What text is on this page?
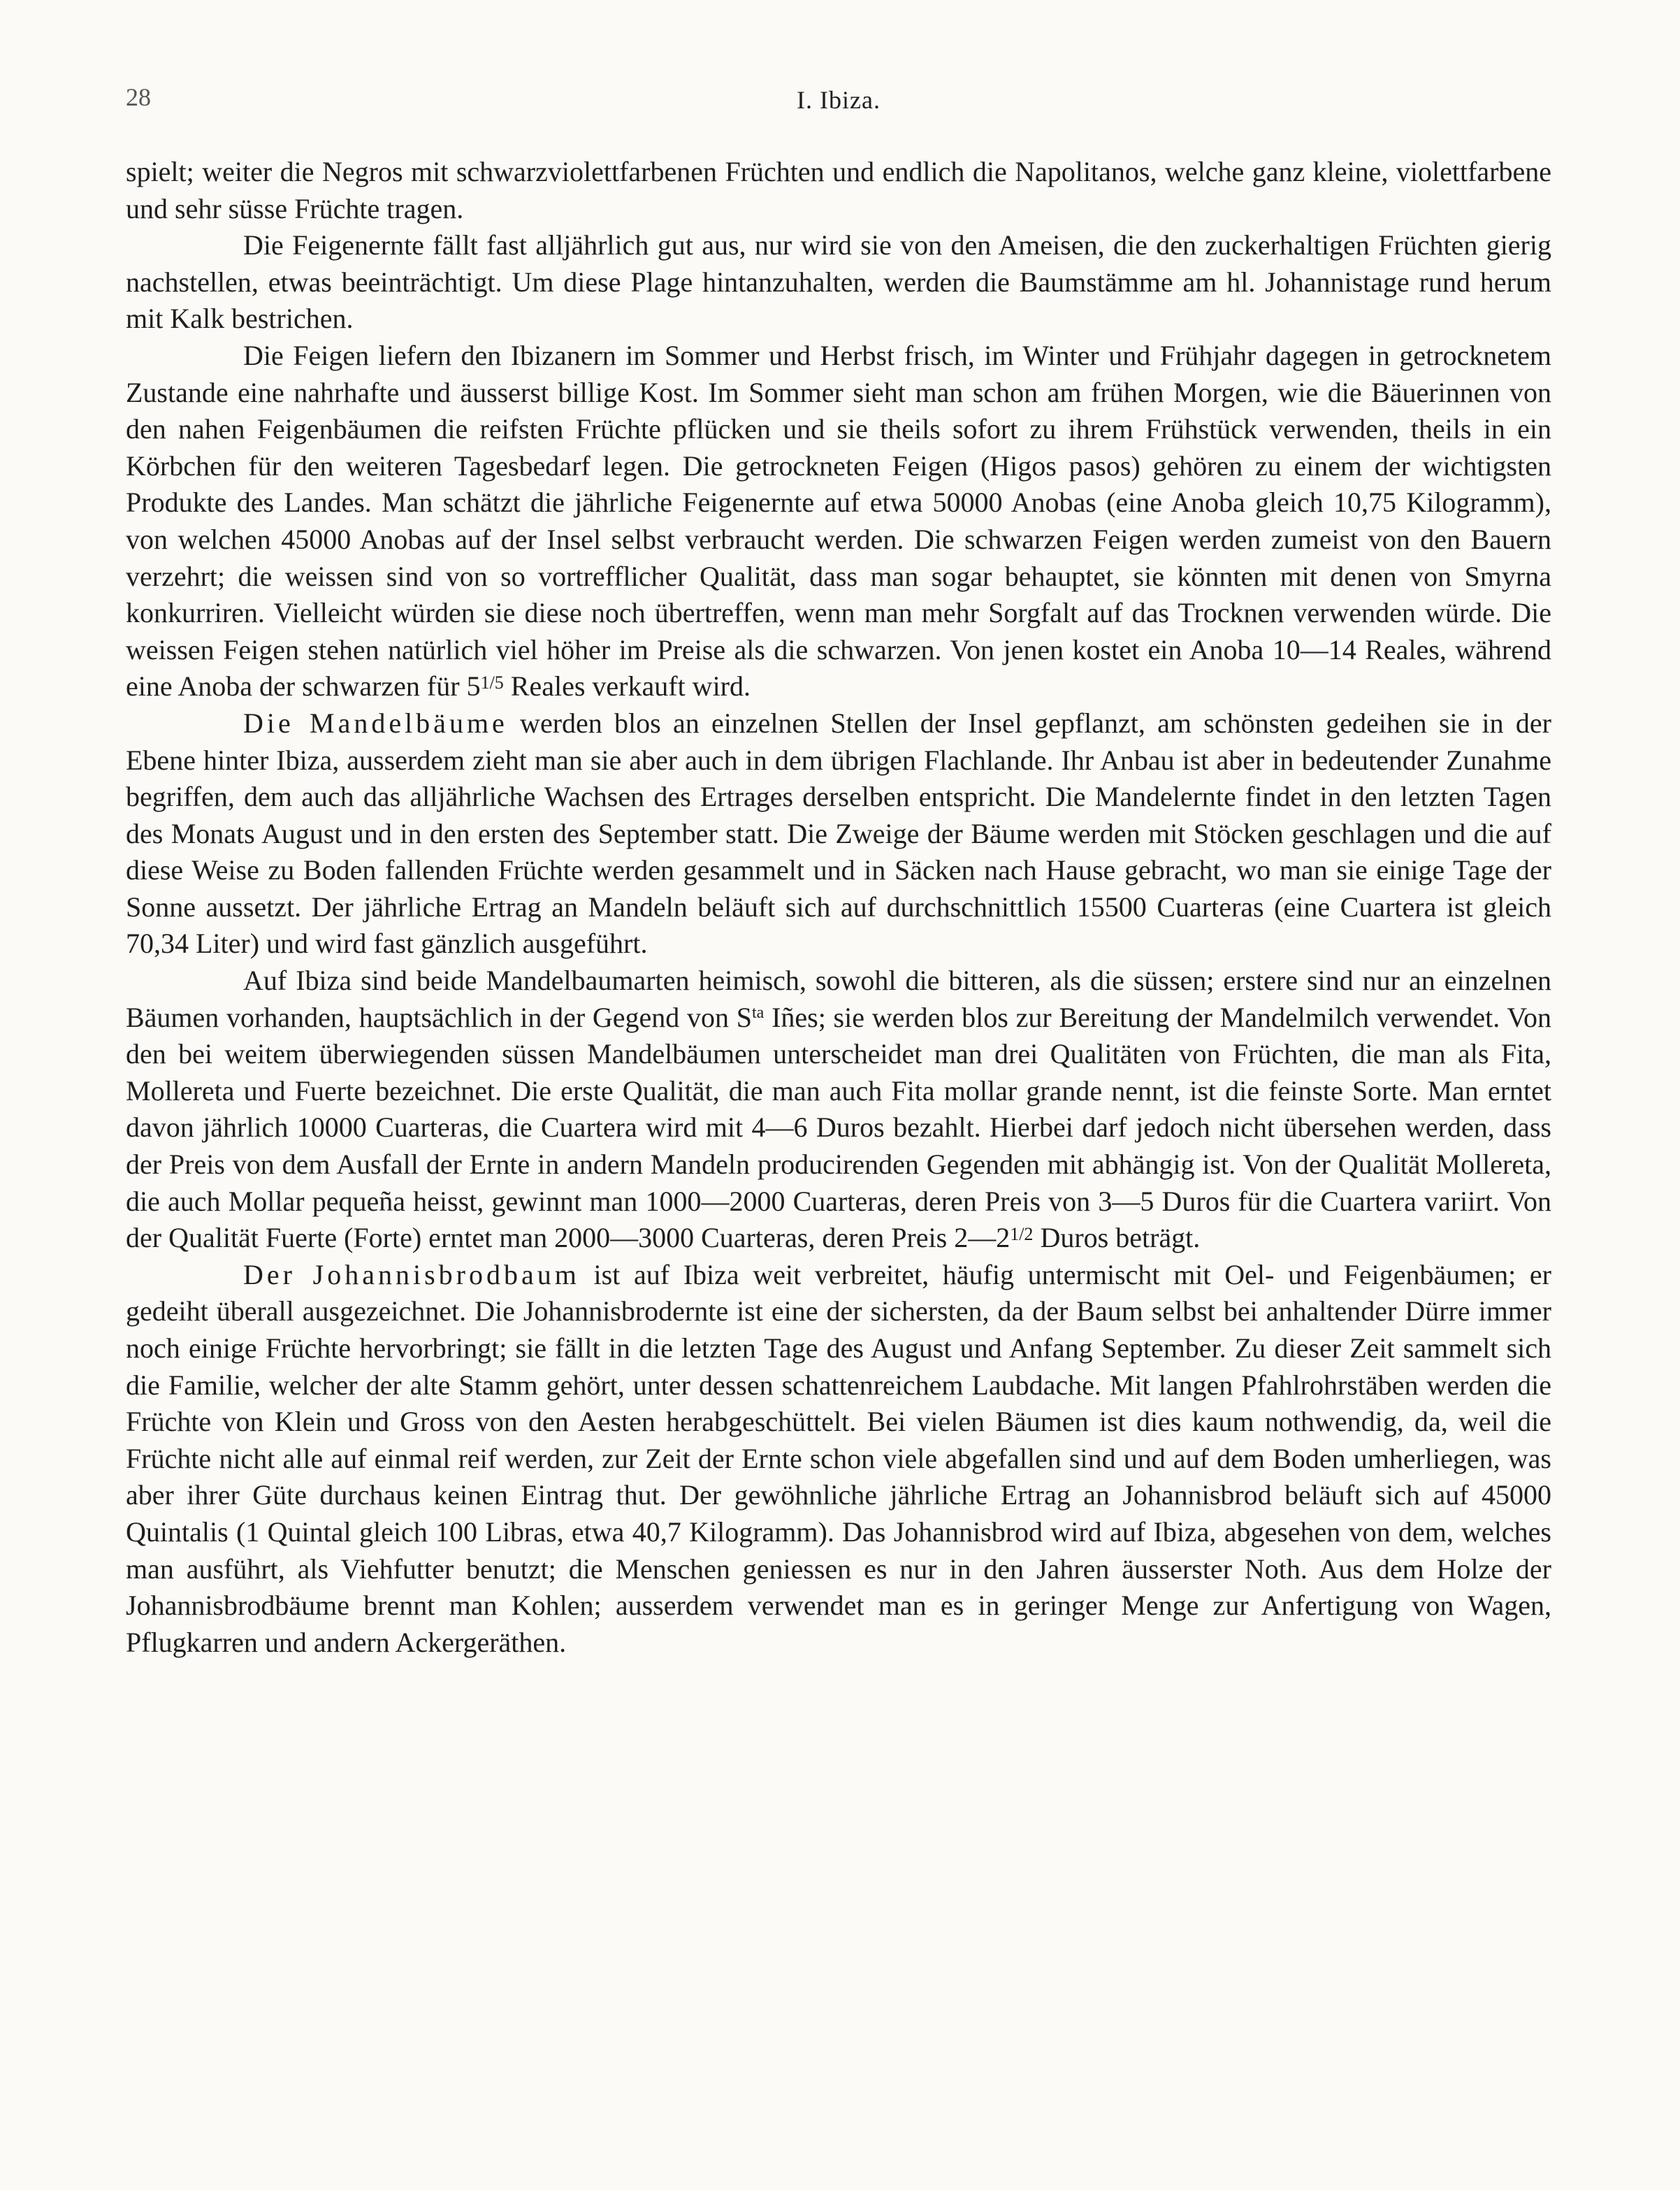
28	I. Ibiza.

spielt; weiter die Negros mit schwarzviolettfarbenen Früchten und endlich die Napolitanos, welche ganz kleine, violettfarbene und sehr süsse Früchte tragen.

Die Feigenernte fällt fast alljährlich gut aus, nur wird sie von den Ameisen, die den zuckerhaltigen Früchten gierig nachstellen, etwas beeinträchtigt. Um diese Plage hintanzuhalten, werden die Baumstämme am hl. Johannistage rund herum mit Kalk bestrichen.

Die Feigen liefern den Ibizanern im Sommer und Herbst frisch, im Winter und Frühjahr dagegen in getrocknetem Zustande eine nahrhafte und äusserst billige Kost. Im Sommer sieht man schon am frühen Morgen, wie die Bäuerinnen von den nahen Feigenbäumen die reifsten Früchte pflücken und sie theils sofort zu ihrem Frühstück verwenden, theils in ein Körbchen für den weiteren Tagesbedarf legen. Die getrockneten Feigen (Higos pasos) gehören zu einem der wichtigsten Produkte des Landes. Man schätzt die jährliche Feigenernte auf etwa 50000 Anobas (eine Anoba gleich 10,75 Kilogramm), von welchen 45000 Anobas auf der Insel selbst verbraucht werden. Die schwarzen Feigen werden zumeist von den Bauern verzehrt; die weissen sind von so vortrefflicher Qualität, dass man sogar behauptet, sie könnten mit denen von Smyrna konkurriren. Vielleicht würden sie diese noch übertreffen, wenn man mehr Sorgfalt auf das Trocknen verwenden würde. Die weissen Feigen stehen natürlich viel höher im Preise als die schwarzen. Von jenen kostet ein Anoba 10—14 Reales, während eine Anoba der schwarzen für $5^{1/5}$ Reales verkauft wird.

Die Mandelbäume werden blos an einzelnen Stellen der Insel gepflanzt, am schönsten gedeihen sie in der Ebene hinter Ibiza, ausserdem zieht man sie aber auch in dem übrigen Flachlande. Ihr Anbau ist aber in bedeutender Zunahme begriffen, dem auch das alljährliche Wachsen des Ertrages derselben entspricht. Die Mandelernte findet in den letzten Tagen des Monats August und in den ersten des September statt. Die Zweige der Bäume werden mit Stöcken geschlagen und die auf diese Weise zu Boden fallenden Früchte werden gesammelt und in Säcken nach Hause gebracht, wo man sie einige Tage der Sonne aussetzt. Der jährliche Ertrag an Mandeln beläuft sich auf durchschnittlich 15500 Cuarteras (eine Cuartera ist gleich 70,34 Liter) und wird fast gänzlich ausgeführt.

Auf Ibiza sind beide Mandelbaumarten heimisch, sowohl die bitteren, als die süssen; erstere sind nur an einzelnen Bäumen vorhanden, hauptsächlich in der Gegend von $S^{ta}$ Iñes; sie werden blos zur Bereitung der Mandelmilch verwendet. Von den bei weitem überwiegenden süssen Mandelbäumen unterscheidet man drei Qualitäten von Früchten, die man als Fita, Mollereta und Fuerte bezeichnet. Die erste Qualität, die man auch Fita mollar grande nennt, ist die feinste Sorte. Man erntet davon jährlich 10000 Cuarteras, die Cuartera wird mit 4—6 Duros bezahlt. Hierbei darf jedoch nicht übersehen werden, dass der Preis von dem Ausfall der Ernte in andern Mandeln producirenden Gegenden mit abhängig ist. Von der Qualität Mollereta, die auch Mollar pequeña heisst, gewinnt man 1000—2000 Cuarteras, deren Preis von 3—5 Duros für die Cuartera variirt. Von der Qualität Fuerte (Forte) erntet man 2000—3000 Cuarteras, deren Preis $2—2^{1/2}$ Duros beträgt.

Der Johannisbrodbaum ist auf Ibiza weit verbreitet, häufig untermischt mit Oel- und Feigenbäumen; er gedeiht überall ausgezeichnet. Die Johannisbrodernte ist eine der sichersten, da der Baum selbst bei anhaltender Dürre immer noch einige Früchte hervorbringt; sie fällt in die letzten Tage des August und Anfang September. Zu dieser Zeit sammelt sich die Familie, welcher der alte Stamm gehört, unter dessen schattenreichem Laubdache. Mit langen Pfahlrohrstäben werden die Früchte von Klein und Gross von den Aesten herabgeschüttelt. Bei vielen Bäumen ist dies kaum nothwendig, da, weil die Früchte nicht alle auf einmal reif werden, zur Zeit der Ernte schon viele abgefallen sind und auf dem Boden umherliegen, was aber ihrer Güte durchaus keinen Eintrag thut. Der gewöhnliche jährliche Ertrag an Johannisbrod beläuft sich auf 45000 Quintalis (1 Quintal gleich 100 Libras, etwa 40,7 Kilogramm). Das Johannisbrod wird auf Ibiza, abgesehen von dem, welches man ausführt, als Viehfutter benutzt; die Menschen geniessen es nur in den Jahren äusserster Noth. Aus dem Holze der Johannisbrodbäume brennt man Kohlen; ausserdem verwendet man es in geringer Menge zur Anfertigung von Wagen, Pflugkarren und andern Ackergeräthen.
